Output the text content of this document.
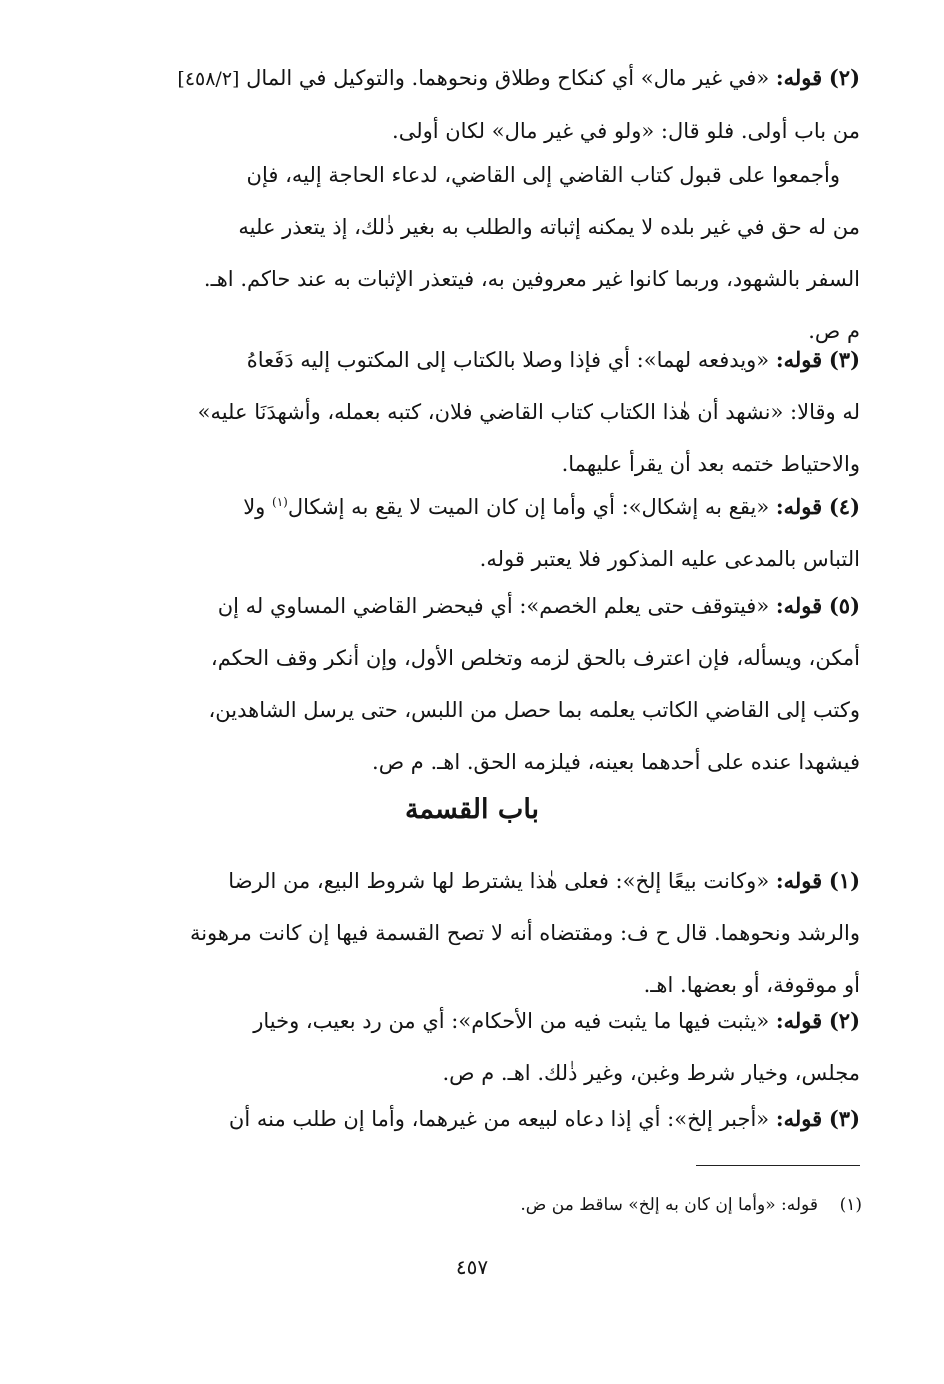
(٢) قوله: «في غير مال» أي كنكاح وطلاق ونحوهما. والتوكيل في المال [٤٥٨/٢]
من باب أولى. فلو قال: «ولو في غير مال» لكان أولى.
وأجمعوا على قبول كتاب القاضي إلى القاضي، لدعاء الحاجة إليه، فإن
من له حق في غير بلده لا يمكنه إثباته والطلب به بغير ذٰلك، إذ يتعذر عليه
السفر بالشهود، وربما كانوا غير معروفين به، فيتعذر الإثبات به عند حاكم. اهـ.
م ص.
(٣) قوله: «ويدفعه لهما»: أي فإذا وصلا بالكتاب إلى المكتوب إليه دَفَعاهُ
له وقالا: «نشهد أن هٰذا الكتاب كتاب القاضي فلان، كتبه بعمله، وأشهدَنَا عليه»
والاحتياط ختمه بعد أن يقرأ عليهما.
(٤) قوله: «يقع به إشكال»: أي وأما إن كان الميت لا يقع به إشكال$^{(١)}$ ولا
التباس بالمدعى عليه المذكور فلا يعتبر قوله.
(٥) قوله: «فيتوقف حتى يعلم الخصم»: أي فيحضر القاضي المساوي له إن
أمكن، ويسأله، فإن اعترف بالحق لزمه وتخلص الأول، وإن أنكر وقف الحكم،
وكتب إلى القاضي الكاتب يعلمه بما حصل من اللبس، حتى يرسل الشاهدين،
فيشهدا عنده على أحدهما بعينه، فيلزمه الحق. اهـ. م ص.
باب القسمة
(١) قوله: «وكانت بيعًا إلخ»: فعلى هٰذا يشترط لها شروط البيع، من الرضا
والرشد ونحوهما. قال ح ف: ومقتضاه أنه لا تصح القسمة فيها إن كانت مرهونة
أو موقوفة، أو بعضها. اهـ.
(٢) قوله: «يثبت فيها ما يثبت فيه من الأحكام»: أي من رد بعيب، وخيار
مجلس، وخيار شرط وغبن، وغير ذٰلك. اهـ. م ص.
(٣) قوله: «أجبر إلخ»: أي إذا دعاه لبيعه من غيرهما، وأما إن طلب منه أن
(١)    قوله: «وأما إن كان به إلخ» ساقط من ض.
٤٥٧
